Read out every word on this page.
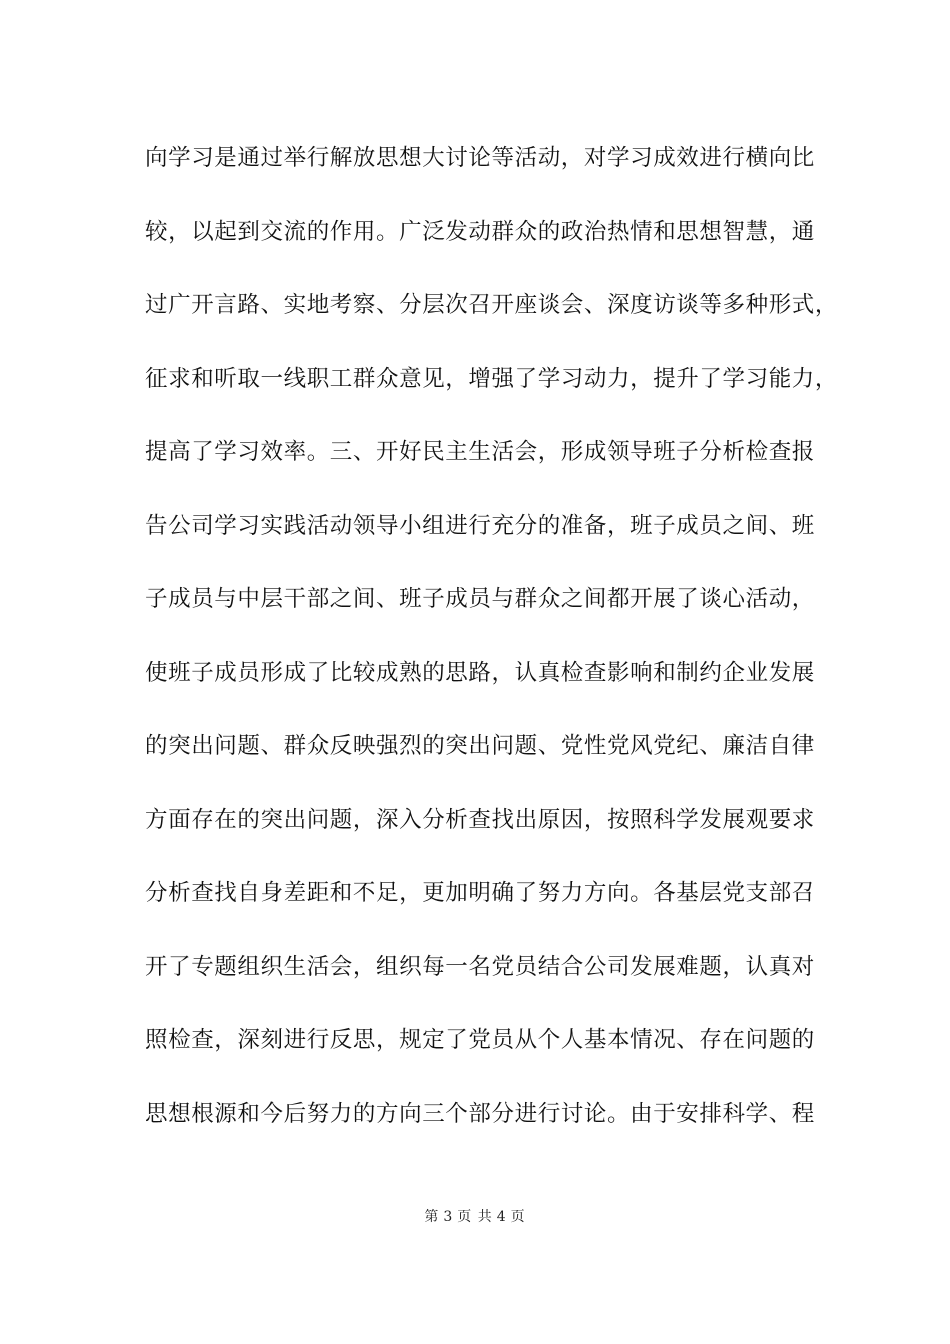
向学习是通过举行解放思想大讨论等活动，对学习成效进行横向比
较，以起到交流的作用。广泛发动群众的政治热情和思想智慧，通
过广开言路、实地考察、分层次召开座谈会、深度访谈等多种形式，
征求和听取一线职工群众意见，增强了学习动力，提升了学习能力，
提高了学习效率。三、开好民主生活会，形成领导班子分析检查报
告公司学习实践活动领导小组进行充分的准备，班子成员之间、班
子成员与中层干部之间、班子成员与群众之间都开展了谈心活动，
使班子成员形成了比较成熟的思路，认真检查影响和制约企业发展
的突出问题、群众反映强烈的突出问题、党性党风党纪、廉洁自律
方面存在的突出问题，深入分析查找出原因，按照科学发展观要求
分析查找自身差距和不足，更加明确了努力方向。各基层党支部召
开了专题组织生活会，组织每一名党员结合公司发展难题，认真对
照检查，深刻进行反思，规定了党员从个人基本情况、存在问题的
思想根源和今后努力的方向三个部分进行讨论。由于安排科学、程
第 3 页 共 4 页
